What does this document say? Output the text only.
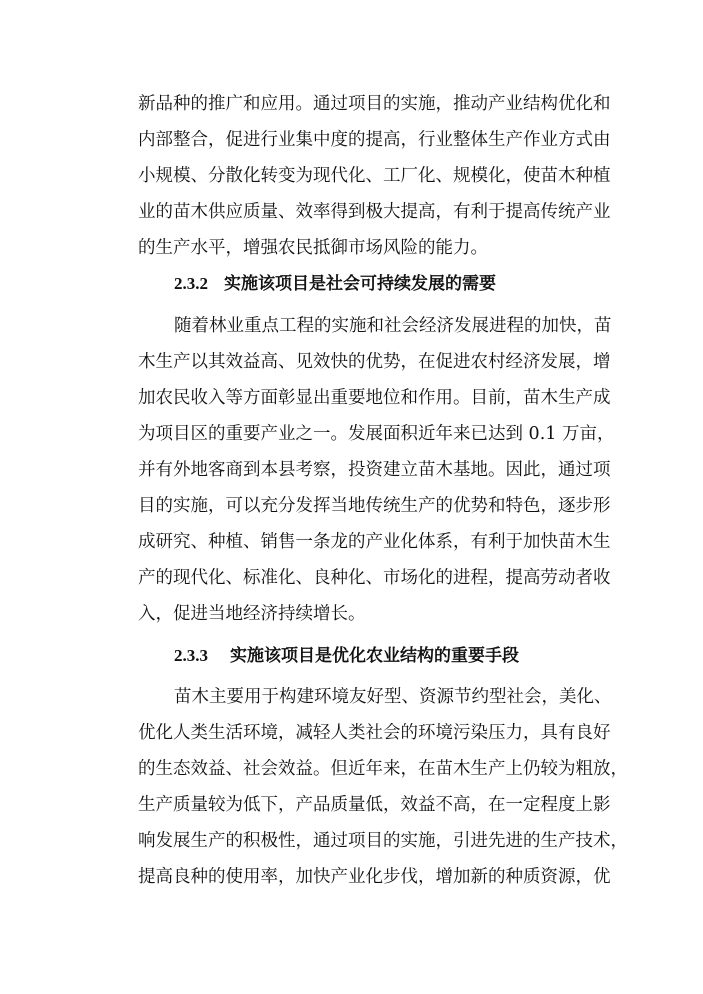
新品种的推广和应用。通过项目的实施，推动产业结构优化和
内部整合，促进行业集中度的提高，行业整体生产作业方式由
小规模、分散化转变为现代化、工厂化、规模化，使苗木种植
业的苗木供应质量、效率得到极大提高，有利于提高传统产业
的生产水平，增强农民抵御市场风险的能力。
2.3.2 实施该项目是社会可持续发展的需要
随着林业重点工程的实施和社会经济发展进程的加快，苗
木生产以其效益高、见效快的优势，在促进农村经济发展，增
加农民收入等方面彰显出重要地位和作用。目前，苗木生产成
为项目区的重要产业之一。发展面积近年来已达到 0.1 万亩，
并有外地客商到本县考察，投资建立苗木基地。因此，通过项
目的实施，可以充分发挥当地传统生产的优势和特色，逐步形
成研究、种植、销售一条龙的产业化体系，有利于加快苗木生
产的现代化、标准化、良种化、市场化的进程，提高劳动者收
入，促进当地经济持续增长。
2.3.3 实施该项目是优化农业结构的重要手段
苗木主要用于构建环境友好型、资源节约型社会，美化、
优化人类生活环境，减轻人类社会的环境污染压力，具有良好
的生态效益、社会效益。但近年来，在苗木生产上仍较为粗放，
生产质量较为低下，产品质量低，效益不高，在一定程度上影
响发展生产的积极性，通过项目的实施，引进先进的生产技术，
提高良种的使用率，加快产业化步伐，增加新的种质资源，优
